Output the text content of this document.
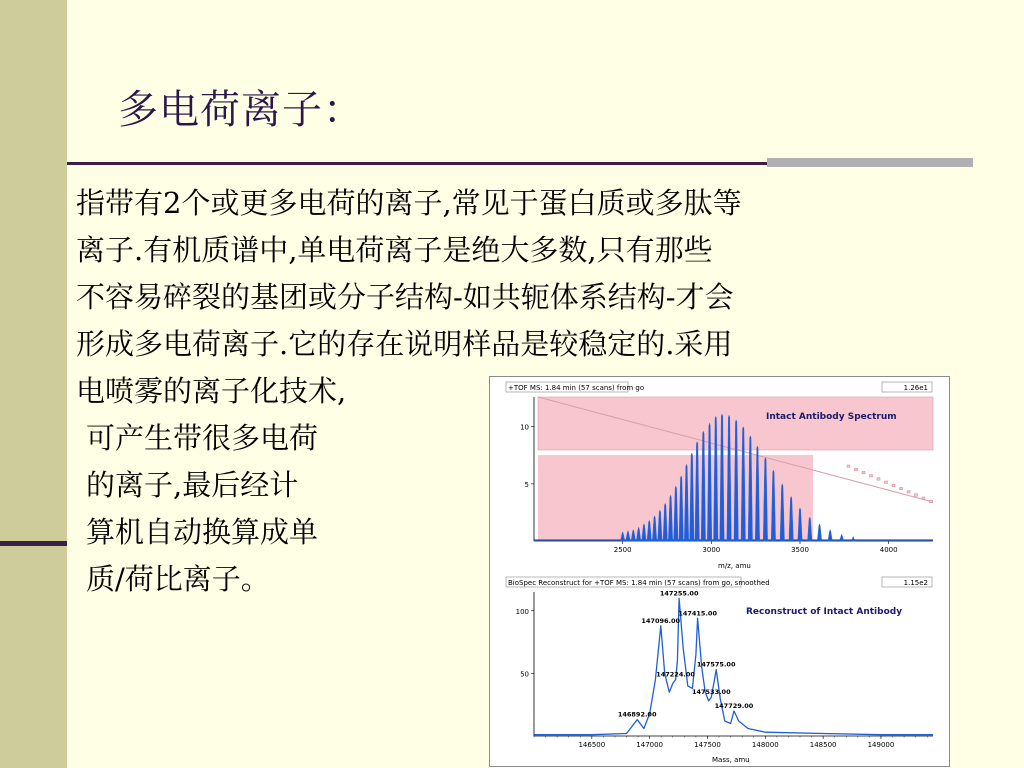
多电荷离子：
指带有2个或更多电荷的离子,常见于蛋白质或多肽等
离子.有机质谱中,单电荷离子是绝大多数,只有那些
不容易碎裂的基团或分子结构-如共轭体系结构-才会
形成多电荷离子.它的存在说明样品是较稳定的.采用
电喷雾的离子化技术,
可产生带很多电荷
的离子,最后经计
算机自动换算成单
质/荷比离子。
+TOF MS: 1.84 min (57 scans) from go	1.26e1
Intact Antibody Spectrum
2500	3000	3500	4000
10
5
m/z, amu
BioSpec Reconstruct for +TOF MS: 1.84 min (57 scans) from go, smoothed	1.15e2
Reconstruct of Intact Antibody
146500	147000	147500	148000	148500	149000
100
50
146892.00
147096.00
147224.00
147255.00
147415.00
147533.00
147575.00
147729.00
Mass, amu
